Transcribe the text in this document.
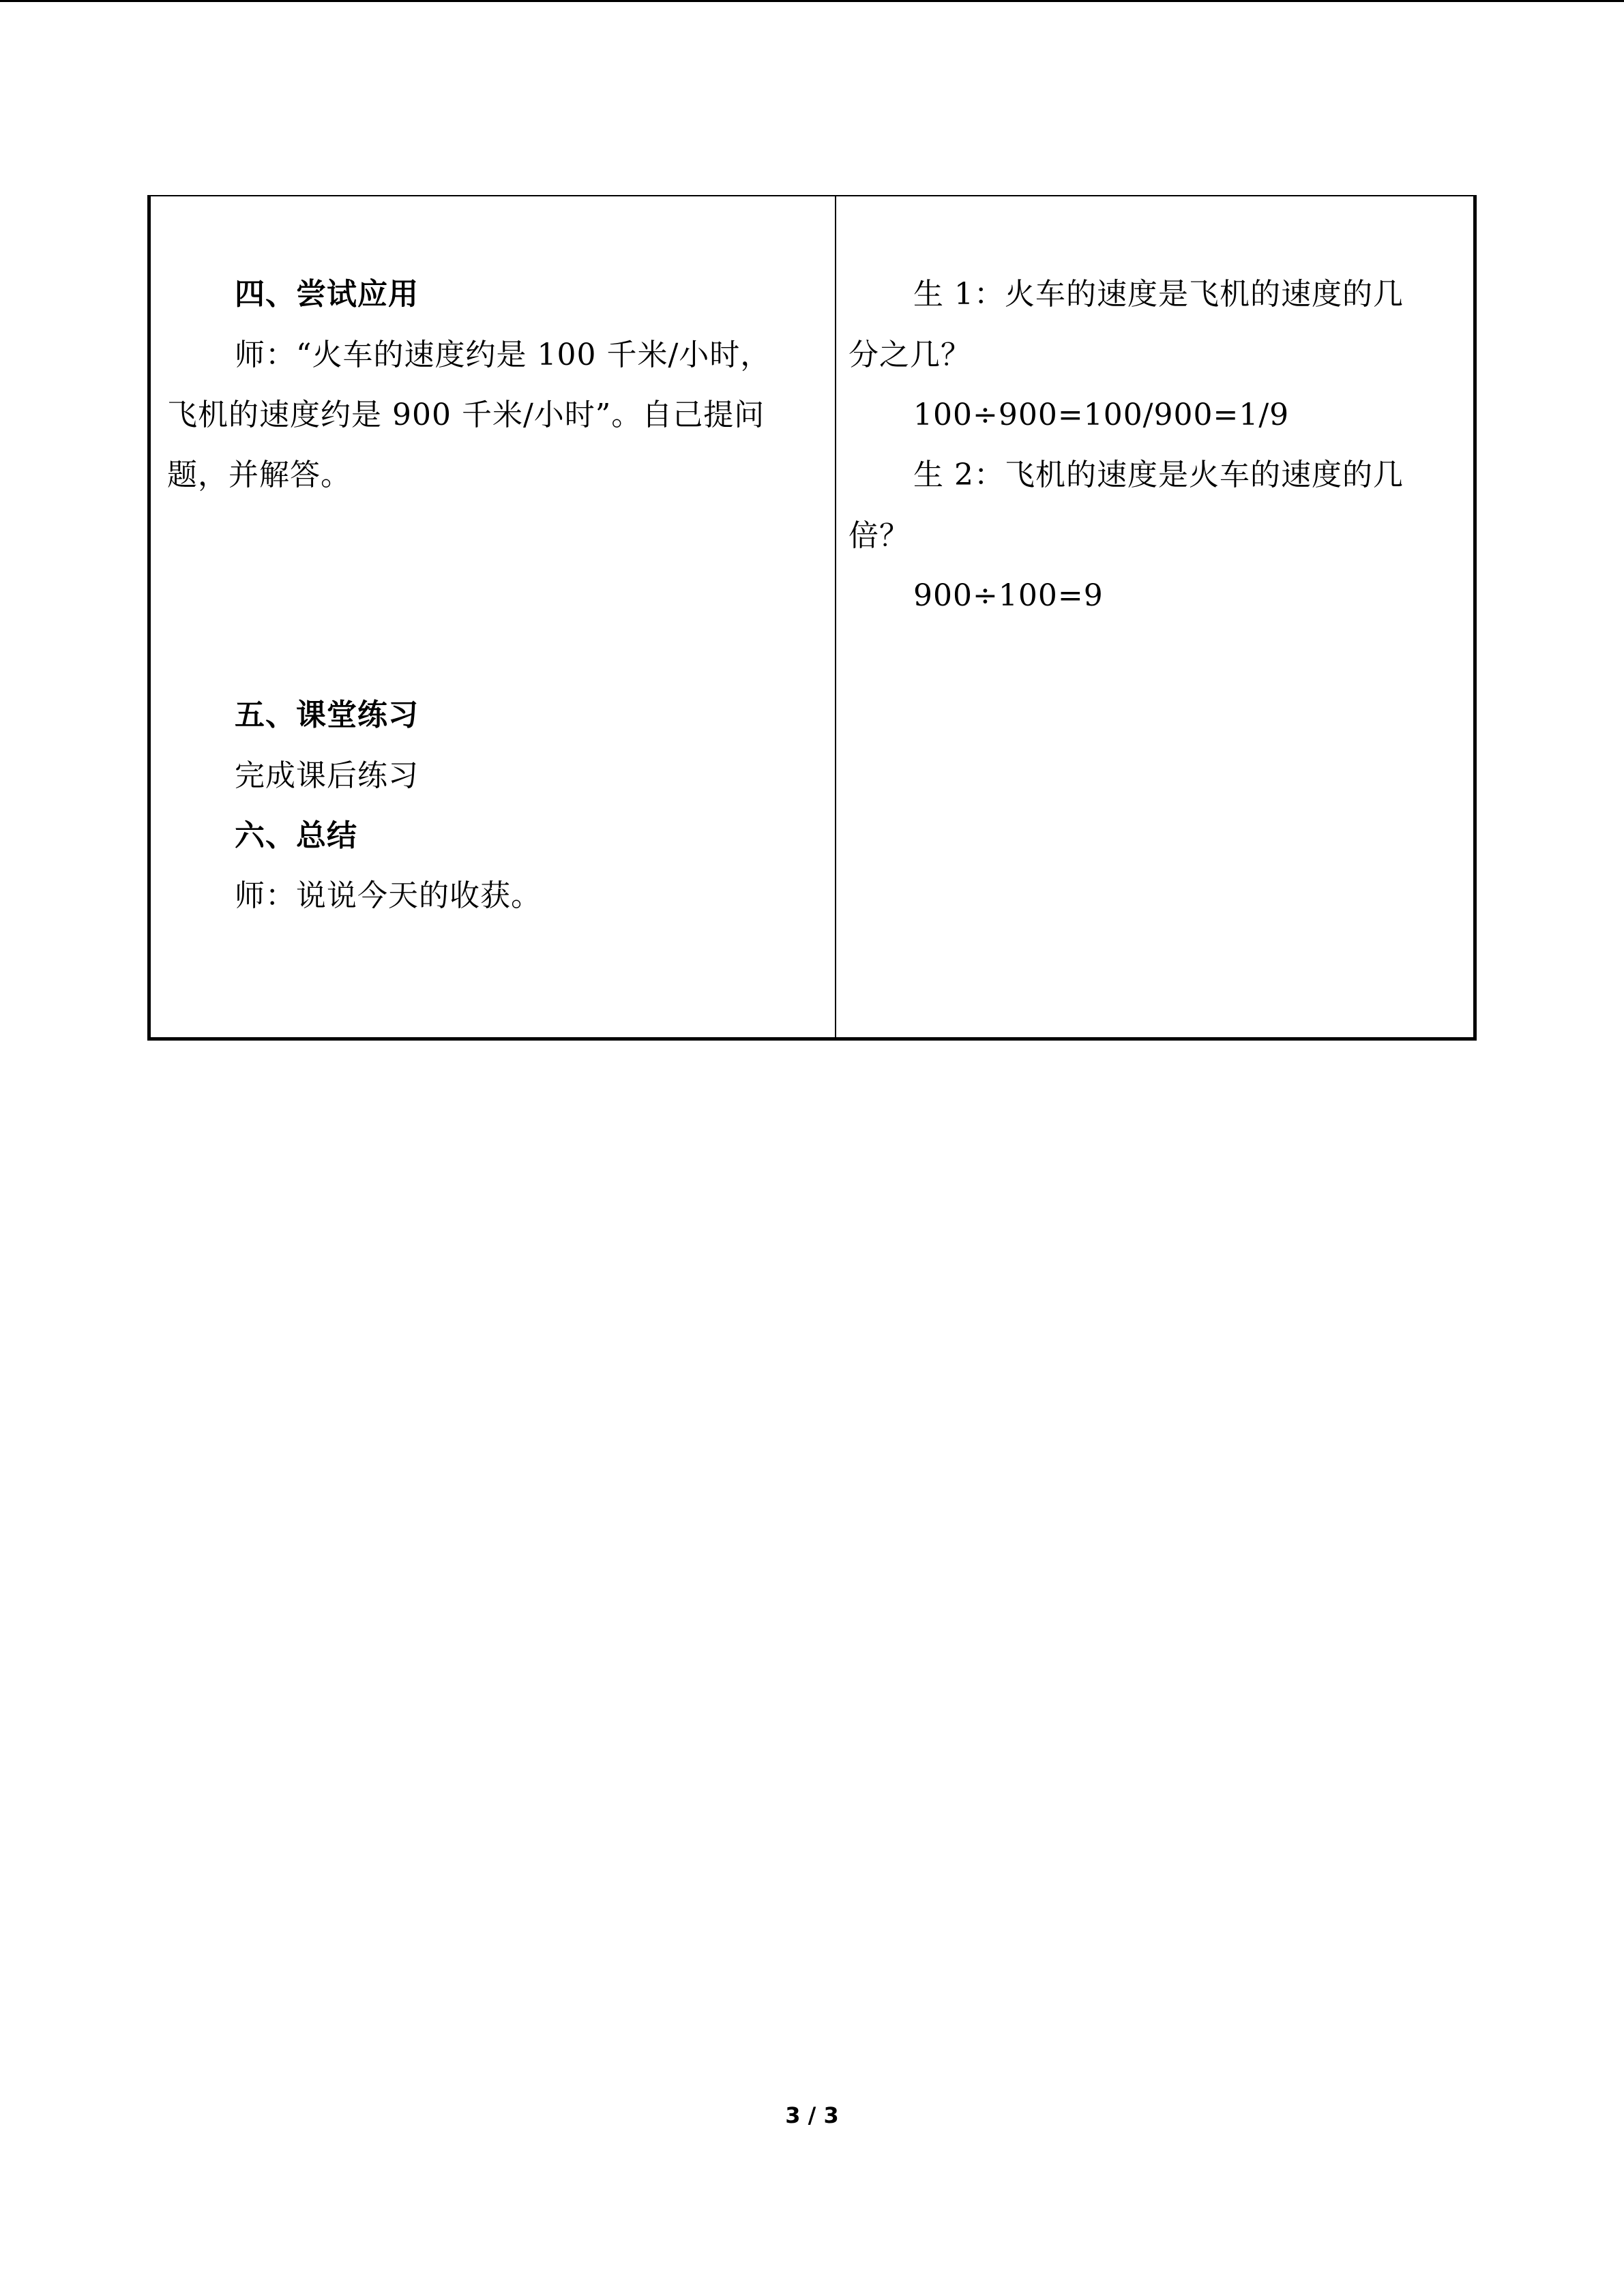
四、尝试应用
师：“火车的速度约是 100 千米/小时，
飞机的速度约是 900 千米/小时”。自己提问
题，并解答。
五、课堂练习
完成课后练习
六、总结
师：说说今天的收获。
生 1：火车的速度是飞机的速度的几
分之几？
100÷900=100/900=1/9
生 2：飞机的速度是火车的速度的几
倍？
900÷100=9
3 / 3
